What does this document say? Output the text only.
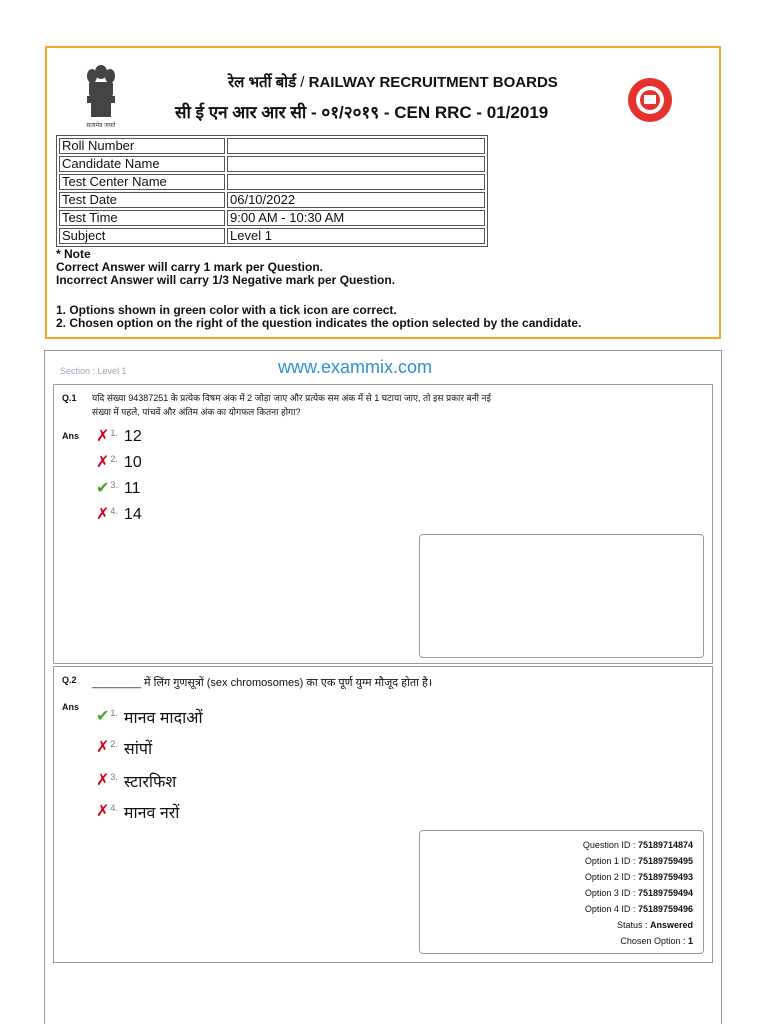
सत्यमेव जयते
रेल भर्ती बोर्ड / RAILWAY RECRUITMENT BOARDS
सी ई एन आर आर सी - ०१/२०१९ - CEN RRC - 01/2019
Roll Number	
Candidate Name	
Test Center Name	
Test Date	06/10/2022
Test Time	9:00 AM - 10:30 AM
Subject	Level 1

* Note

Correct Answer will carry 1 mark per Question.

Incorrect Answer will carry 1/3 Negative mark per Question.

1. Options shown in green color with a tick icon are correct.

2. Chosen option on the right of the question indicates the option selected by the candidate.

Section : Level 1	www.exammix.com
Q.1 यदि संख्या 94387251 के प्रत्येक विषम अंक में 2 जोड़ा जाए और प्रत्येक सम अंक में से 1 घटाया जाए, तो इस प्रकार बनी नई संख्या में पहले, पांचवें और अंतिम अंक का योगफल कितना होगा?
Ans ✗ 1. 12
✗ 2. 10
✔ 3. 11
✗ 4. 14
Q.2 ________ में लिंग गुणसूत्रों (sex chromosomes) का एक पूर्ण युग्म मौजूद होता है।
Ans
✔ 1. मानव मादाओं
✗ 2. सांपों
✗ 3. स्टारफिश
✗ 4. मानव नरों
Question ID : 75189714874
Option 1 ID : 75189759495
Option 2 ID : 75189759493
Option 3 ID : 75189759494
Option 4 ID : 75189759496
Status : Answered
Chosen Option : 1
